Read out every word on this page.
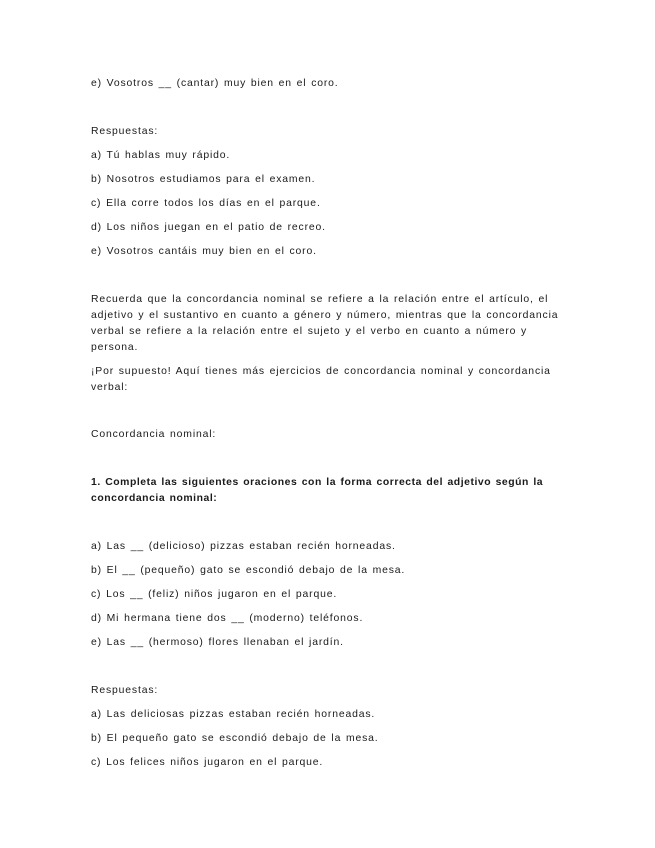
e) Vosotros __ (cantar) muy bien en el coro.

Respuestas:

a) Tú hablas muy rápido.

b) Nosotros estudiamos para el examen.

c) Ella corre todos los días en el parque.

d) Los niños juegan en el patio de recreo.

e) Vosotros cantáis muy bien en el coro.

Recuerda que la concordancia nominal se refiere a la relación entre el artículo, el

adjetivo y el sustantivo en cuanto a género y número, mientras que la concordancia

verbal se refiere a la relación entre el sujeto y el verbo en cuanto a número y

persona.

¡Por supuesto! Aquí tienes más ejercicios de concordancia nominal y concordancia

verbal:

Concordancia nominal:

1. Completa las siguientes oraciones con la forma correcta del adjetivo según la

concordancia nominal:

a) Las __ (delicioso) pizzas estaban recién horneadas.

b) El __ (pequeño) gato se escondió debajo de la mesa.

c) Los __ (feliz) niños jugaron en el parque.

d) Mi hermana tiene dos __ (moderno) teléfonos.

e) Las __ (hermoso) flores llenaban el jardín.

Respuestas:

a) Las deliciosas pizzas estaban recién horneadas.

b) El pequeño gato se escondió debajo de la mesa.

c) Los felices niños jugaron en el parque.
